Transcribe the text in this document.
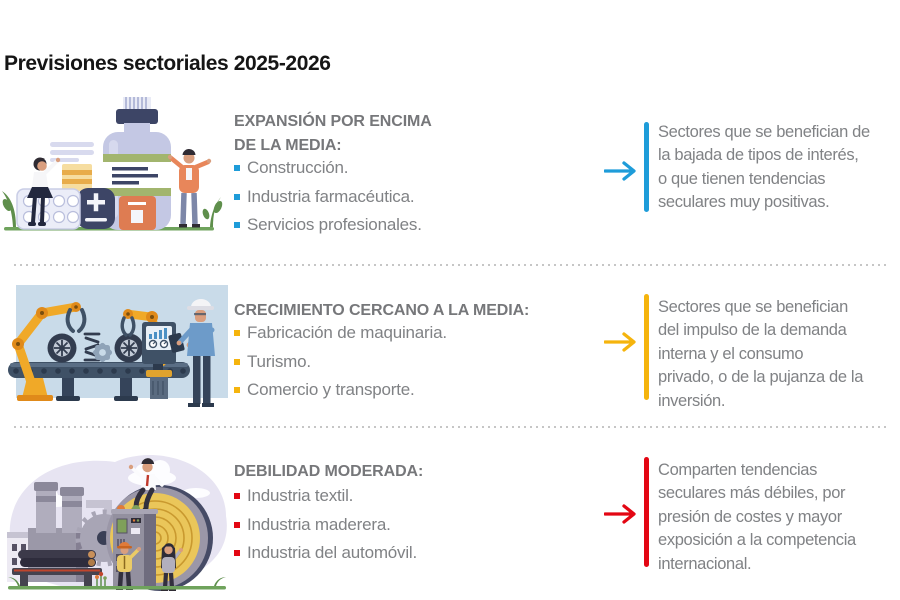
Previsiones sectoriales 2025-2026
EXPANSIÓN POR ENCIMA
DE LA MEDIA:
Construcción.
Industria farmacéutica.
Servicios profesionales.
Sectores que se benefician de
la bajada de tipos de interés,
o que tienen tendencias
seculares muy positivas.
CRECIMIENTO CERCANO A LA MEDIA:
Fabricación de maquinaria.
Turismo.
Comercio y transporte.
Sectores que se benefician
del impulso de la demanda
interna y el consumo
privado, o de la pujanza de la
inversión.
DEBILIDAD MODERADA:
Industria textil.
Industria maderera.
Industria del automóvil.
Comparten tendencias
seculares más débiles, por
presión de costes y mayor
exposición a la competencia
internacional.
